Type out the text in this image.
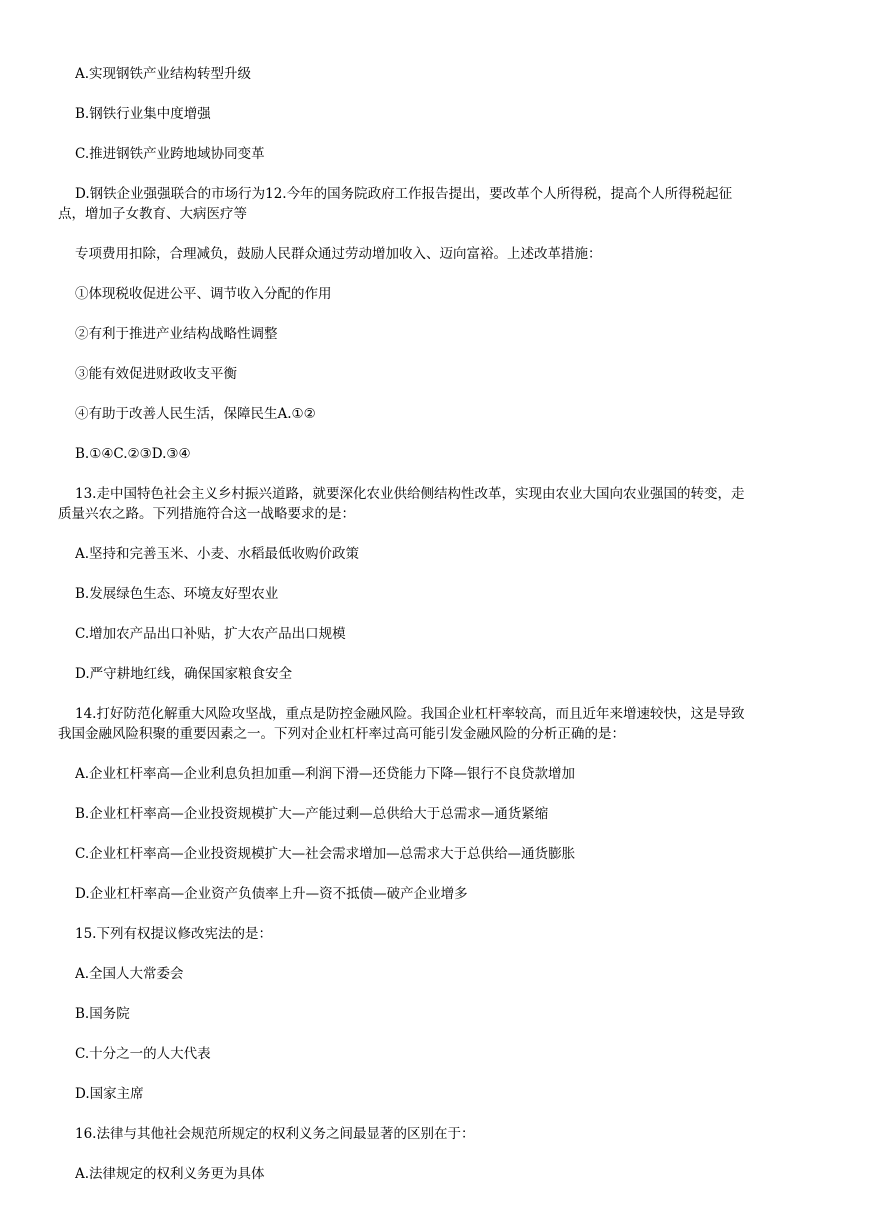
A.实现钢铁产业结构转型升级
B.钢铁行业集中度增强
C.推进钢铁产业跨地域协同变革
D.钢铁企业强强联合的市场行为12.今年的国务院政府工作报告提出，要改革个人所得税，提高个人所得税起征
点，增加子女教育、大病医疗等
专项费用扣除，合理减负，鼓励人民群众通过劳动增加收入、迈向富裕。上述改革措施：
①体现税收促进公平、调节收入分配的作用
②有利于推进产业结构战略性调整
③能有效促进财政收支平衡
④有助于改善人民生活，保障民生A.①②
B.①④C.②③D.③④
13.走中国特色社会主义乡村振兴道路，就要深化农业供给侧结构性改革，实现由农业大国向农业强国的转变，走
质量兴农之路。下列措施符合这一战略要求的是：
A.坚持和完善玉米、小麦、水稻最低收购价政策
B.发展绿色生态、环境友好型农业
C.增加农产品出口补贴，扩大农产品出口规模
D.严守耕地红线，确保国家粮食安全
14.打好防范化解重大风险攻坚战，重点是防控金融风险。我国企业杠杆率较高，而且近年来增速较快，这是导致
我国金融风险积聚的重要因素之一。下列对企业杠杆率过高可能引发金融风险的分析正确的是：
A.企业杠杆率高—企业利息负担加重—利润下滑—还贷能力下降—银行不良贷款增加
B.企业杠杆率高—企业投资规模扩大—产能过剩—总供给大于总需求—通货紧缩
C.企业杠杆率高—企业投资规模扩大—社会需求增加—总需求大于总供给—通货膨胀
D.企业杠杆率高—企业资产负债率上升—资不抵债—破产企业增多
15.下列有权提议修改宪法的是：
A.全国人大常委会
B.国务院
C.十分之一的人大代表
D.国家主席
16.法律与其他社会规范所规定的权利义务之间最显著的区别在于：
A.法律规定的权利义务更为具体
